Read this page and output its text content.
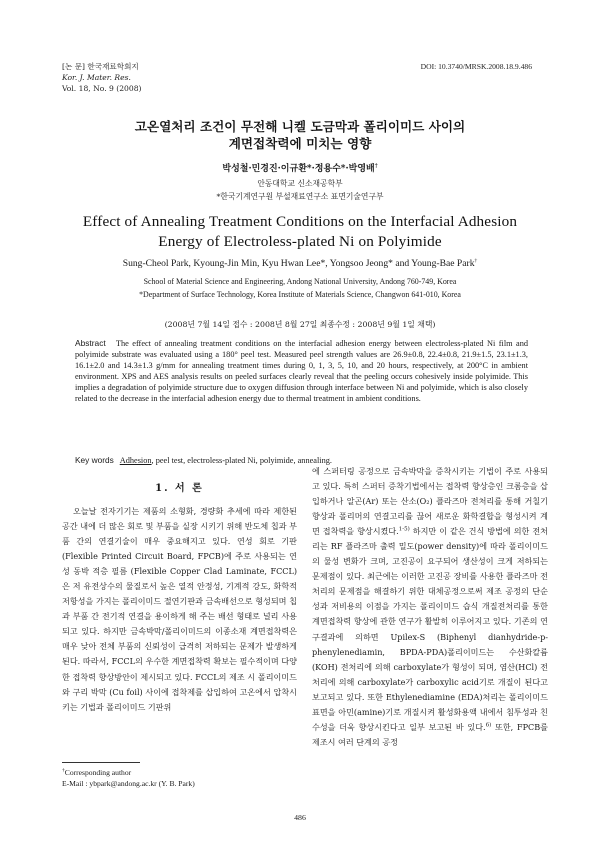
[논 문] 한국재료학회지
Kor. J. Mater. Res.
Vol. 18, No. 9 (2008)
DOI: 10.3740/MRSK.2008.18.9.486
고온열처리 조건이 무전해 니켈 도금막과 폴리이미드 사이의
계면접착력에 미치는 영향
박성철·민경진·이규환*·정용수*·박영배†
안동대학교 신소재공학부
*한국기계연구원 부설재료연구소 표면기술연구부
Effect of Annealing Treatment Conditions on the Interfacial Adhesion
Energy of Electroless-plated Ni on Polyimide
Sung-Cheol Park, Kyoung-Jin Min, Kyu Hwan Lee*, Yongsoo Jeong* and Young-Bae Park†
School of Material Science and Engineering, Andong National University, Andong 760-749, Korea
*Department of Surface Technology, Korea Institute of Materials Science, Changwon 641-010, Korea
(2008년 7월 14일 접수 : 2008년 8월 27일 최종수정 : 2008년 9월 1일 채택)
Abstract The effect of annealing treatment conditions on the interfacial adhesion energy between electroless-plated Ni film and polyimide substrate was evaluated using a 180° peel test. Measured peel strength values are 26.9±0.8, 22.4±0.8, 21.9±1.5, 23.1±1.3, 16.1±2.0 and 14.3±1.3 g/mm for annealing treatment times during 0, 1, 3, 5, 10, and 20 hours, respectively, at 200°C in ambient environment. XPS and AES analysis results on peeled surfaces clearly reveal that the peeling occurs cohesively inside polyimide. This implies a degradation of polyimide structure due to oxygen diffusion through interface between Ni and polyimide, which is also closely related to the decrease in the interfacial adhesion energy due to thermal treatment in ambient conditions.
Key words Adhesion, peel test, electroless-plated Ni, polyimide, annealing.
1. 서 론

오늘날 전자기기는 제품의 소형화, 경량화 추세에 따라 제한된 공간 내에 더 많은 회로 및 부품을 실장 시키기 위해 반도체 칩과 부품 간의 연결기술이 매우 중요해지고 있다. 연성 회로 기판 (Flexible Printed Circuit Board, FPCB)에 주로 사용되는 연성 동박 적층 필름 (Flexible Copper Clad Laminate, FCCL)은 저 유전상수의 물질로서 높은 열적 안정성, 기계적 강도, 화학적 저항성을 가지는 폴리이미드 절연기판과 금속배선으로 형성되며 칩과 부품 간 전기적 연결을 용이하게 해 주는 배선 형태로 널리 사용되고 있다. 하지만 금속박막/폴리이미드의 이종소재 계면접착력은 매우 낮아 전체 부품의 신뢰성이 급격히 저하되는 문제가 발생하게 된다. 따라서, FCCL의 우수한 계면접착력 확보는 필수적이며 다양한 접착력 향상방안이 제시되고 있다. FCCL의 제조 시 폴리이미드와 구리 박막 (Cu foil) 사이에 접착제를 삽입하여 고온에서 압착시키는 기법과 폴리이미드 기판위

에 스퍼터링 공정으로 금속박막을 증착시키는 기법이 주로 사용되고 있다. 특히 스퍼터 증착기법에서는 접착력 향상층인 크롬층을 삽입하거나 알곤(Ar) 또는 산소(O₂) 플라즈마 전처리를 통해 거칠기 향상과 폴리머의 연결고리를 끊어 새로운 화학결합을 형성시켜 계면 접착력을 향상시켰다.$^{1-5)}$ 하지만 이 같은 건식 방법에 의한 전처리는 RF 플라즈마 출력 밀도(power density)에 따라 폴리이미드의 물성 변화가 크며, 고진공이 요구되어 생산성이 크게 저하되는 문제점이 있다. 최근에는 이러한 고진공 장비를 사용한 플라즈마 전처리의 문제점을 해결하기 위한 대체공정으로써 제조 공정의 단순성과 저비용의 이점을 가지는 폴리이미드 습식 개질전처리를 통한 계면접착력 향상에 관한 연구가 활발히 이루어지고 있다. 기존의 연구결과에 의하면 Upilex-S (Biphenyl dianhydride-p-phenylenediamin, BPDA-PDA)폴리이미드는 수산화칼륨(KOH) 전처리에 의해 carboxylate가 형성이 되며, 염산(HCl) 전처리에 의해 carboxylate가 carboxylic acid기로 개질이 된다고 보고되고 있다. 또한 Ethylenediamine (EDA)처리는 폴리이미드 표면을 아민(amine)기로 개질시켜 활성화용액 내에서 침투성과 친수성을 더욱 향상시킨다고 일부 보고된 바 있다.$^{6)}$ 또한, FPCB를 제조시 여러 단계의 공정

†Corresponding author
E-Mail : ybpark@andong.ac.kr (Y. B. Park)
486
